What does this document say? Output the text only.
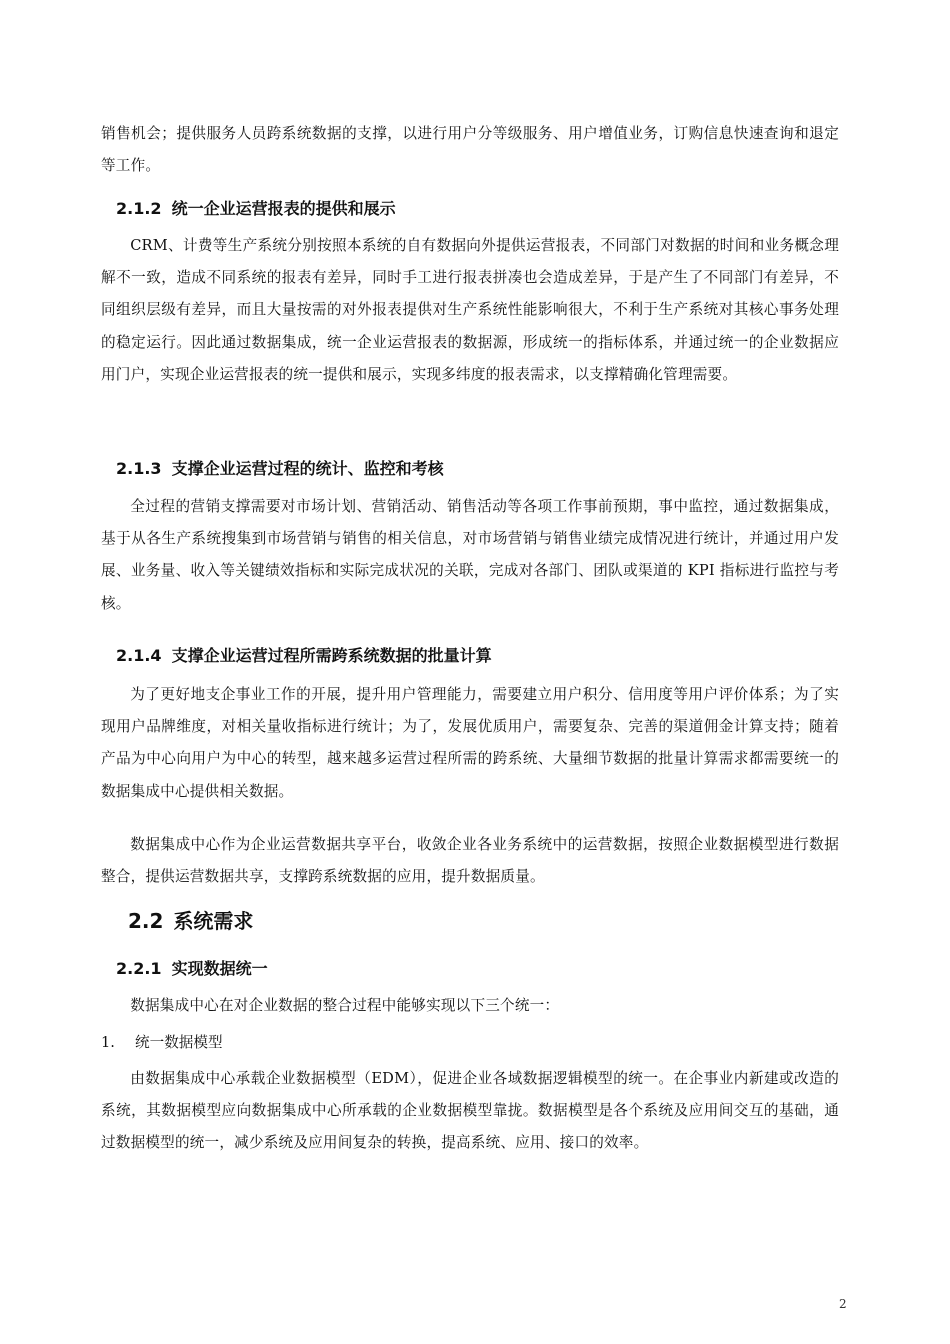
销售机会；提供服务人员跨系统数据的支撑，以进行用户分等级服务、用户增值业务，订购信息快速查询和退定等工作。

2.1.2 统一企业运营报表的提供和展示

CRM、计费等生产系统分别按照本系统的自有数据向外提供运营报表，不同部门对数据的时间和业务概念理解不一致，造成不同系统的报表有差异，同时手工进行报表拼凑也会造成差异，于是产生了不同部门有差异，不同组织层级有差异，而且大量按需的对外报表提供对生产系统性能影响很大，不利于生产系统对其核心事务处理的稳定运行。因此通过数据集成，统一企业运营报表的数据源，形成统一的指标体系，并通过统一的企业数据应用门户，实现企业运营报表的统一提供和展示，实现多纬度的报表需求，以支撑精确化管理需要。

2.1.3 支撑企业运营过程的统计、监控和考核

全过程的营销支撑需要对市场计划、营销活动、销售活动等各项工作事前预期，事中监控，通过数据集成，基于从各生产系统搜集到市场营销与销售的相关信息，对市场营销与销售业绩完成情况进行统计，并通过用户发展、业务量、收入等关键绩效指标和实际完成状况的关联，完成对各部门、团队或渠道的 KPI 指标进行监控与考核。

2.1.4 支撑企业运营过程所需跨系统数据的批量计算

为了更好地支企事业工作的开展，提升用户管理能力，需要建立用户积分、信用度等用户评价体系；为了实现用户品牌维度，对相关量收指标进行统计；为了，发展优质用户，需要复杂、完善的渠道佣金计算支持；随着产品为中心向用户为中心的转型，越来越多运营过程所需的跨系统、大量细节数据的批量计算需求都需要统一的数据集成中心提供相关数据。

数据集成中心作为企业运营数据共享平台，收敛企业各业务系统中的运营数据，按照企业数据模型进行数据整合，提供运营数据共享，支撑跨系统数据的应用，提升数据质量。

2.2 系统需求
2.2.1 实现数据统一

数据集成中心在对企业数据的整合过程中能够实现以下三个统一：

1. 统一数据模型

由数据集成中心承载企业数据模型（EDM），促进企业各域数据逻辑模型的统一。在企事业内新建或改造的系统，其数据模型应向数据集成中心所承载的企业数据模型靠拢。数据模型是各个系统及应用间交互的基础，通过数据模型的统一，减少系统及应用间复杂的转换，提高系统、应用、接口的效率。

2
